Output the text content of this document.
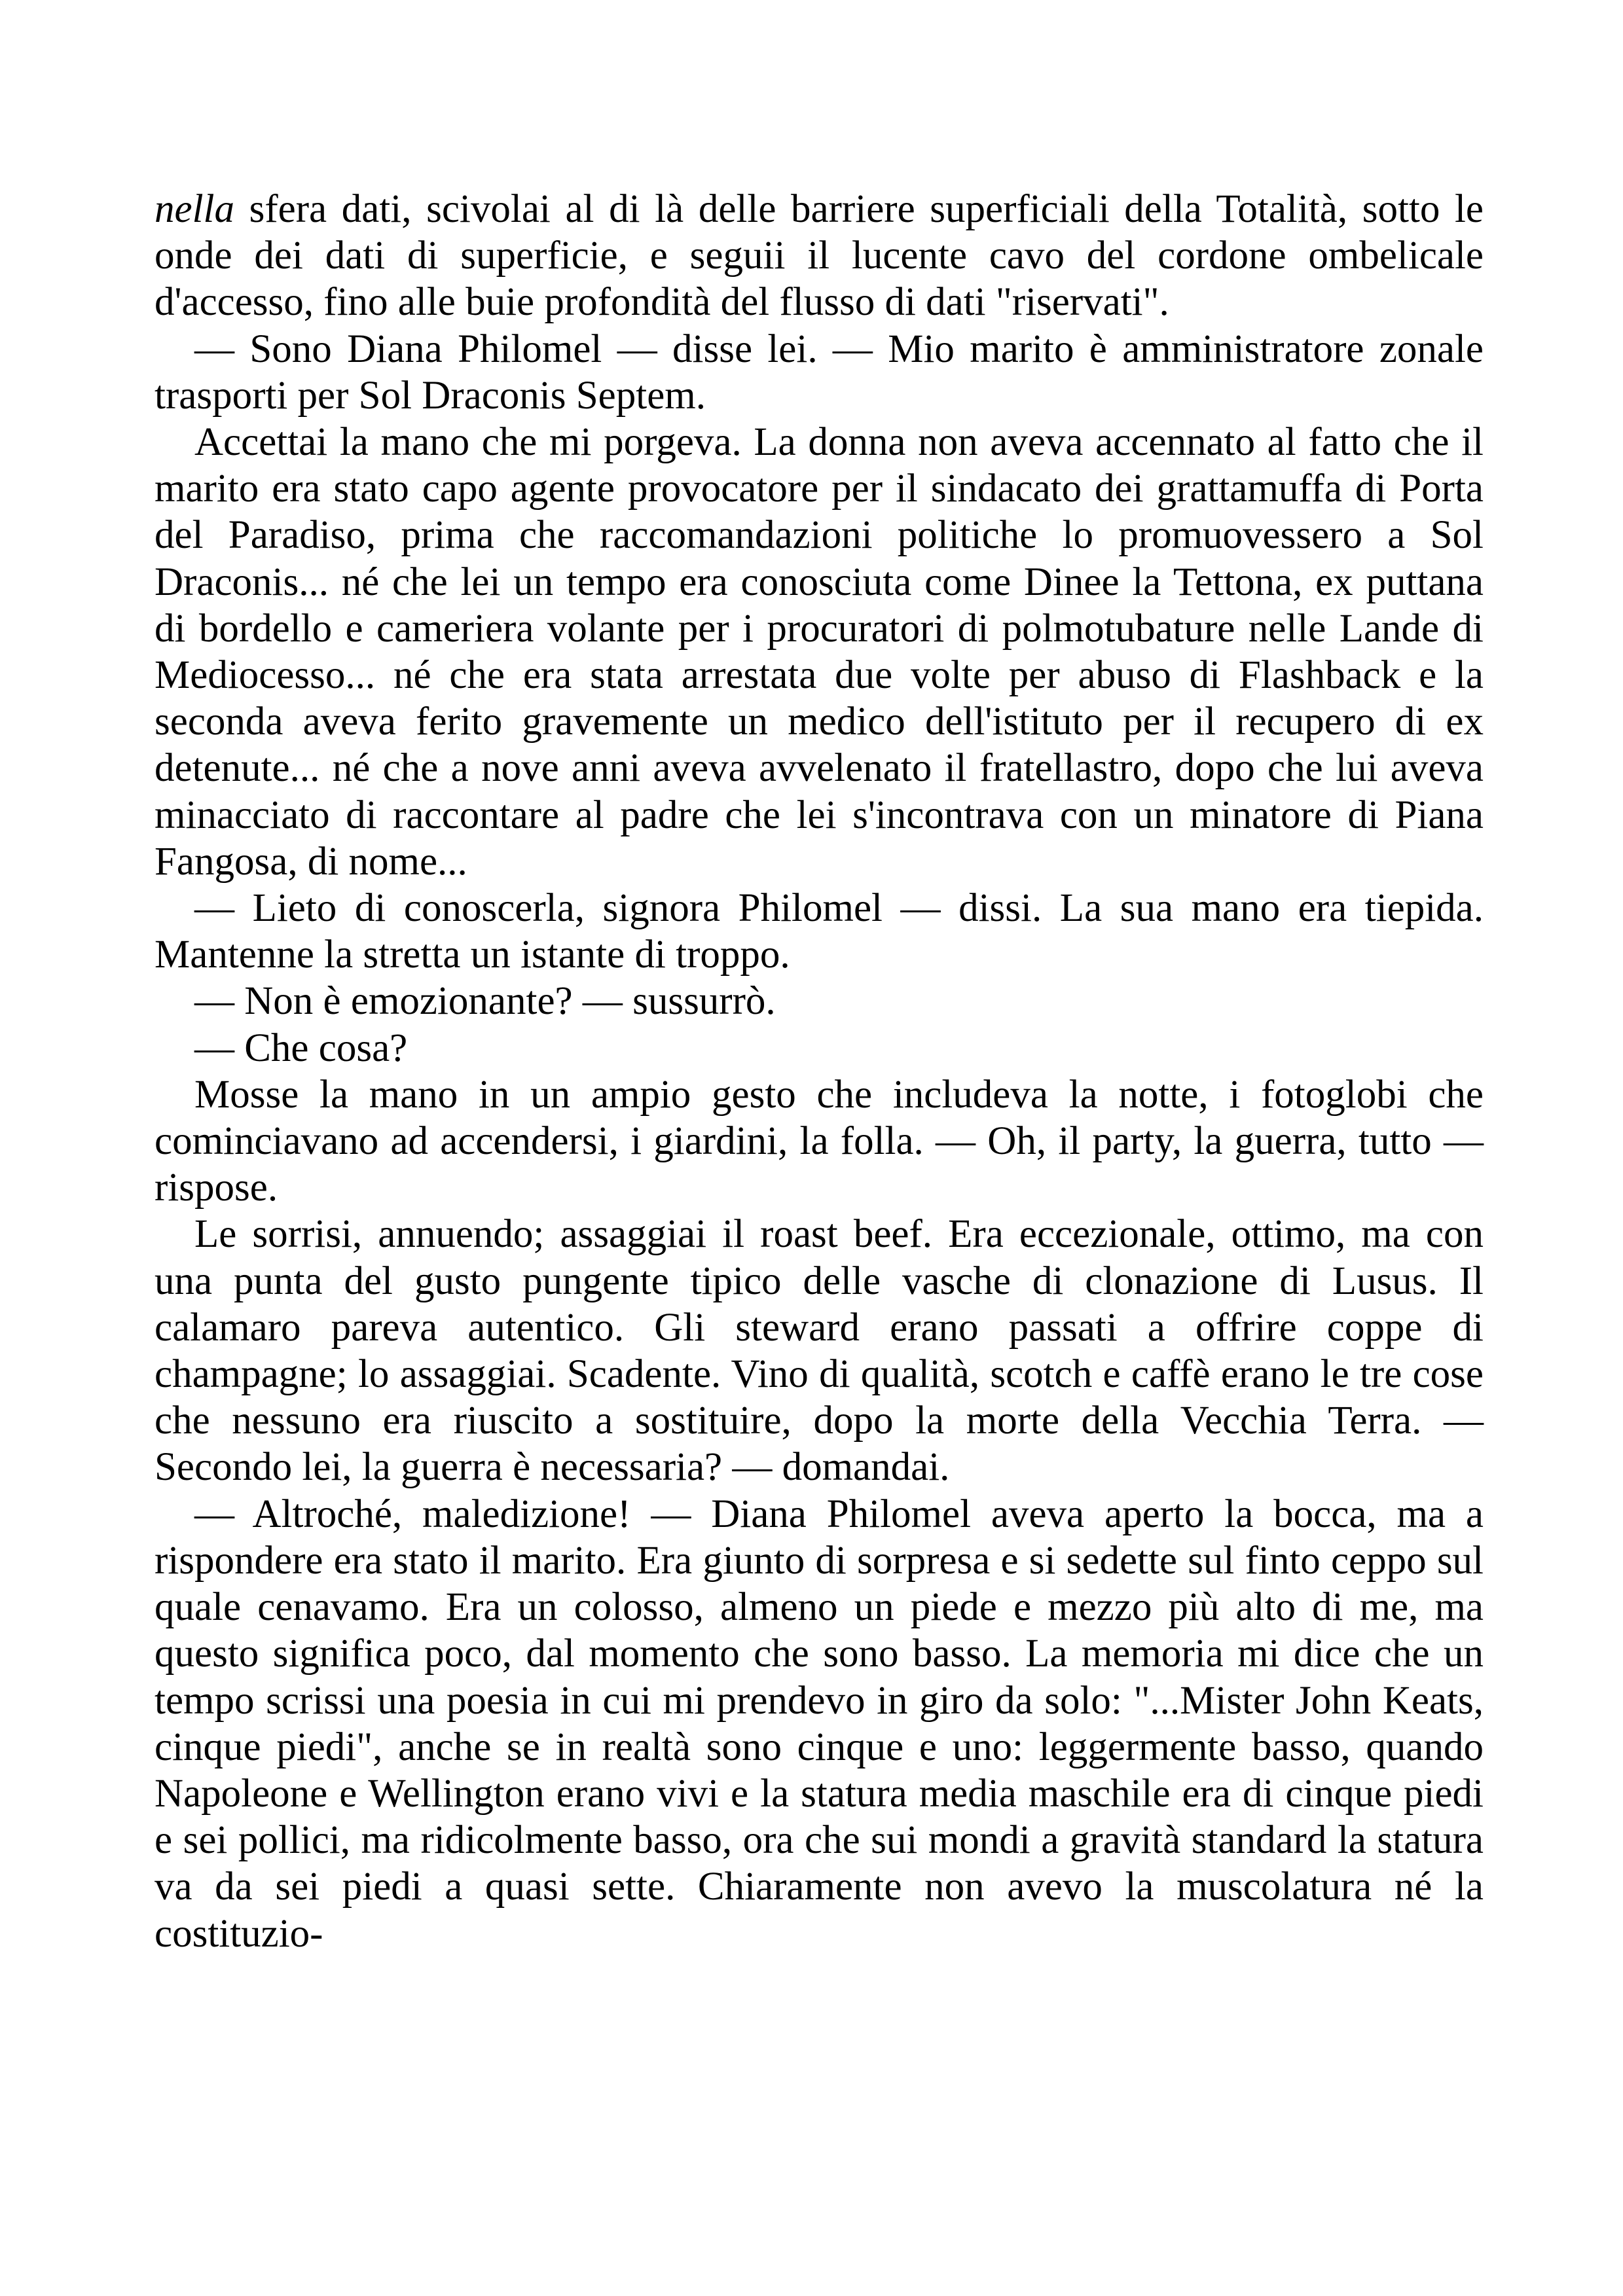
nella sfera dati, scivolai al di là delle barriere superficiali della Totalità, sotto le onde dei dati di superficie, e seguii il lucente cavo del cordone ombelicale d'accesso, fino alle buie profondità del flusso di dati "riservati".

— Sono Diana Philomel — disse lei. — Mio marito è amministratore zonale trasporti per Sol Draconis Septem.

Accettai la mano che mi porgeva. La donna non aveva accennato al fatto che il marito era stato capo agente provocatore per il sindacato dei grattamuffa di Porta del Paradiso, prima che raccomandazioni politiche lo promuovessero a Sol Draconis... né che lei un tempo era conosciuta come Dinee la Tettona, ex puttana di bordello e cameriera volante per i procuratori di polmotubature nelle Lande di Mediocesso... né che era stata arrestata due volte per abuso di Flashback e la seconda aveva ferito gravemente un medico dell'istituto per il recupero di ex detenute... né che a nove anni aveva avvelenato il fratellastro, dopo che lui aveva minacciato di raccontare al padre che lei s'incontrava con un minatore di Piana Fangosa, di nome...

— Lieto di conoscerla, signora Philomel — dissi. La sua mano era tiepida. Mantenne la stretta un istante di troppo.

— Non è emozionante? — sussurrò.

— Che cosa?

Mosse la mano in un ampio gesto che includeva la notte, i fotoglobi che cominciavano ad accendersi, i giardini, la folla. — Oh, il party, la guerra, tutto — rispose.

Le sorrisi, annuendo; assaggiai il roast beef. Era eccezionale, ottimo, ma con una punta del gusto pungente tipico delle vasche di clonazione di Lusus. Il calamaro pareva autentico. Gli steward erano passati a offrire coppe di champagne; lo assaggiai. Scadente. Vino di qualità, scotch e caffè erano le tre cose che nessuno era riuscito a sostituire, dopo la morte della Vecchia Terra. — Secondo lei, la guerra è necessaria? — domandai.

— Altroché, maledizione! — Diana Philomel aveva aperto la bocca, ma a rispondere era stato il marito. Era giunto di sorpresa e si sedette sul finto ceppo sul quale cenavamo. Era un colosso, almeno un piede e mezzo più alto di me, ma questo significa poco, dal momento che sono basso. La memoria mi dice che un tempo scrissi una poesia in cui mi prendevo in giro da solo: "...Mister John Keats, cinque piedi", anche se in realtà sono cinque e uno: leggermente basso, quando Napoleone e Wellington erano vivi e la statura media maschile era di cinque piedi e sei pollici, ma ridicolmente basso, ora che sui mondi a gravità standard la statura va da sei piedi a quasi sette. Chiaramente non avevo la muscolatura né la costituzio-
